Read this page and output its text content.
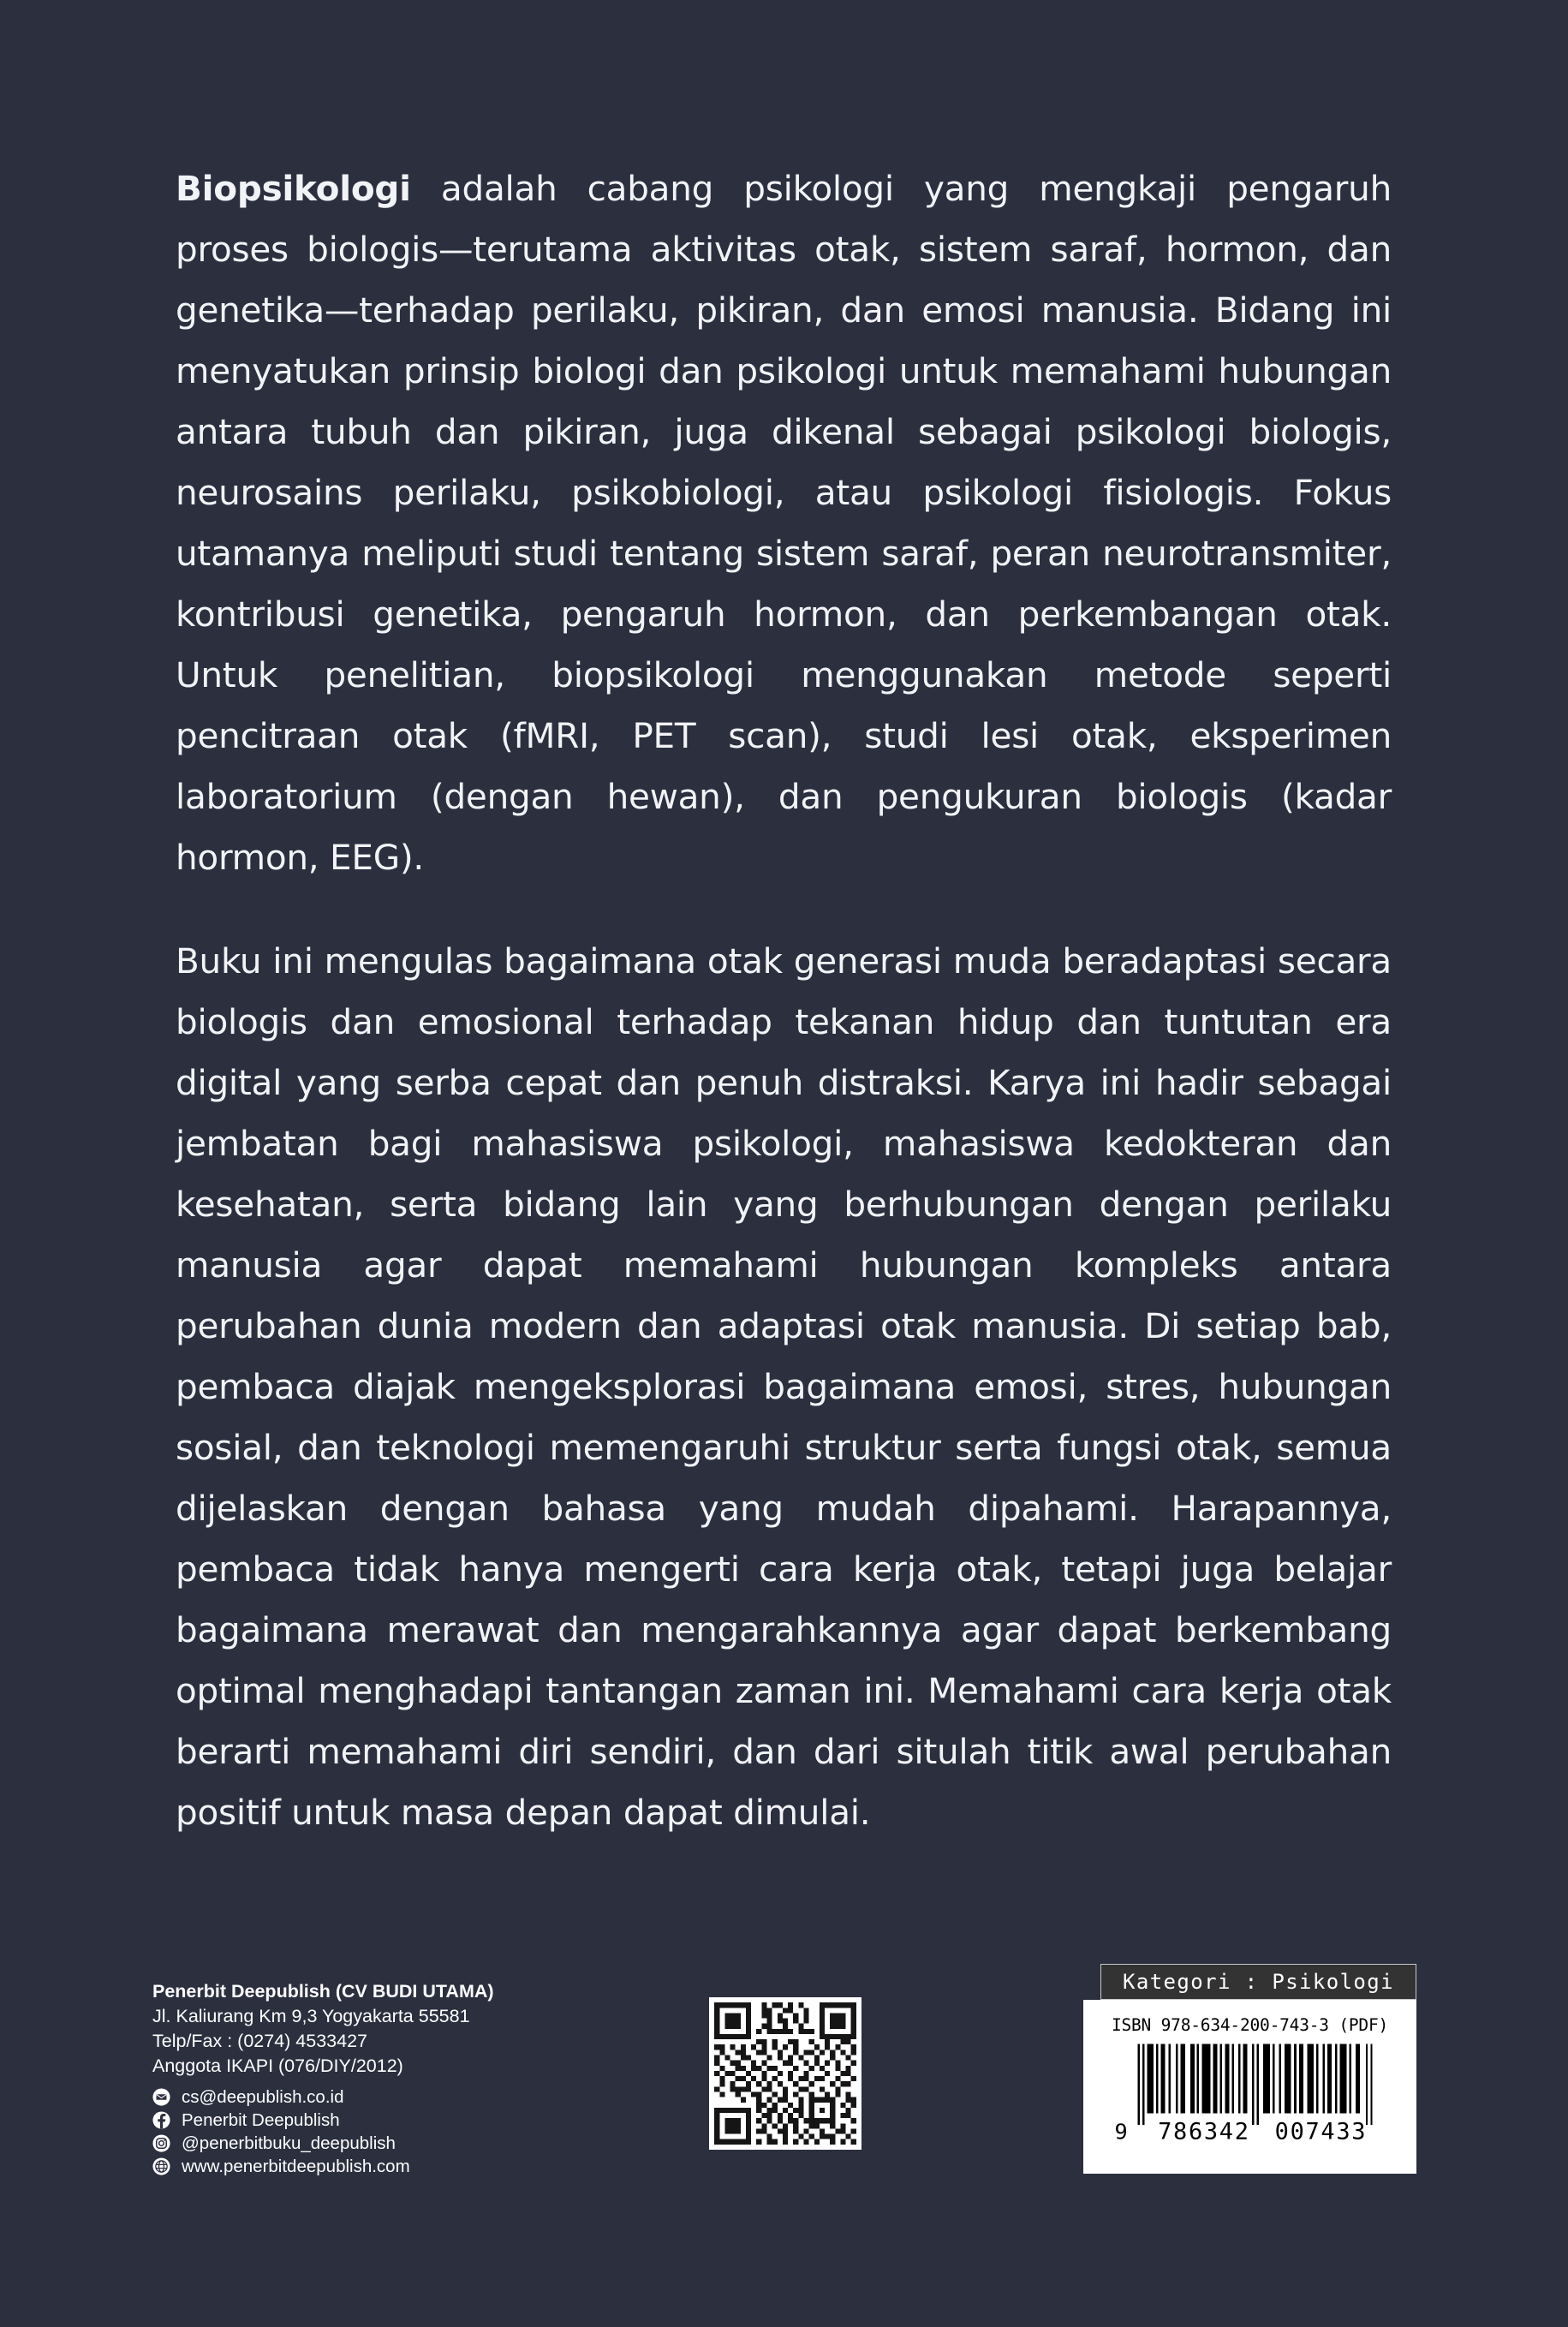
Biopsikologi adalah cabang psikologi yang mengkaji pengaruh proses biologis—terutama aktivitas otak, sistem saraf, hormon, dan genetika—terhadap perilaku, pikiran, dan emosi manusia. Bidang ini menyatukan prinsip biologi dan psikologi untuk memahami hubungan antara tubuh dan pikiran, juga dikenal sebagai psikologi biologis, neurosains perilaku, psikobiologi, atau psikologi fisiologis. Fokus utamanya meliputi studi tentang sistem saraf, peran neurotransmiter, kontribusi genetika, pengaruh hormon, dan perkembangan otak. Untuk penelitian, biopsikologi menggunakan metode seperti pencitraan otak (fMRI, PET scan), studi lesi otak, eksperimen laboratorium (dengan hewan), dan pengukuran biologis (kadar hormon, EEG).

Buku ini mengulas bagaimana otak generasi muda beradaptasi secara biologis dan emosional terhadap tekanan hidup dan tuntutan era digital yang serba cepat dan penuh distraksi. Karya ini hadir sebagai jembatan bagi mahasiswa psikologi, mahasiswa kedokteran dan kesehatan, serta bidang lain yang berhubungan dengan perilaku manusia agar dapat memahami hubungan kompleks antara perubahan dunia modern dan adaptasi otak manusia. Di setiap bab, pembaca diajak mengeksplorasi bagaimana emosi, stres, hubungan sosial, dan teknologi memengaruhi struktur serta fungsi otak, semua dijelaskan dengan bahasa yang mudah dipahami. Harapannya, pembaca tidak hanya mengerti cara kerja otak, tetapi juga belajar bagaimana merawat dan mengarahkannya agar dapat berkembang optimal menghadapi tantangan zaman ini. Memahami cara kerja otak berarti memahami diri sendiri, dan dari situlah titik awal perubahan positif untuk masa depan dapat dimulai.

Penerbit Deepublish (CV BUDI UTAMA)
Jl. Kaliurang Km 9,3 Yogyakarta 55581
Telp/Fax : (0274) 4533427
Anggota IKAPI (076/DIY/2012)
cs@deepublish.co.id
Penerbit Deepublish
@penerbitbuku_deepublish
www.penerbitdeepublish.com
Kategori : Psikologi
ISBN 978-634-200-743-3 (PDF)
9 786342 007433
